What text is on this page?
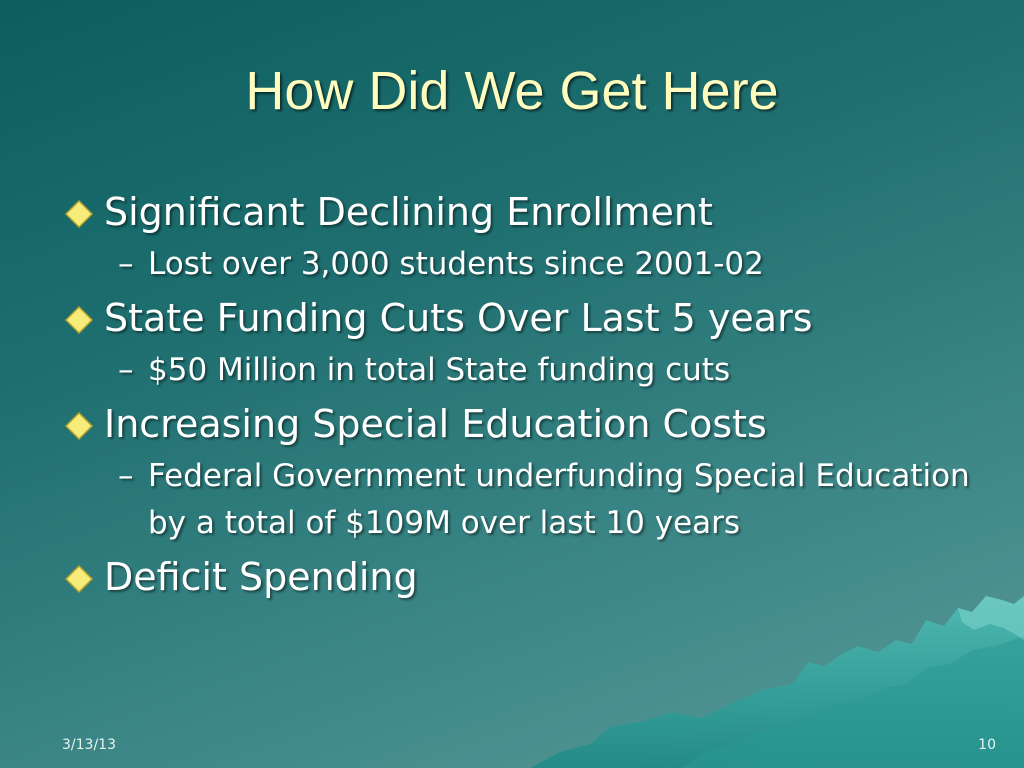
How Did We Get Here
Significant Declining Enrollment
– Lost over 3,000 students since 2001-02
State Funding Cuts Over Last 5 years
– $50 Million in total State funding cuts
Increasing Special Education Costs
– Federal Government underfunding Special Education by a total of $109M over last 10 years
Deficit Spending
3/13/13	10
